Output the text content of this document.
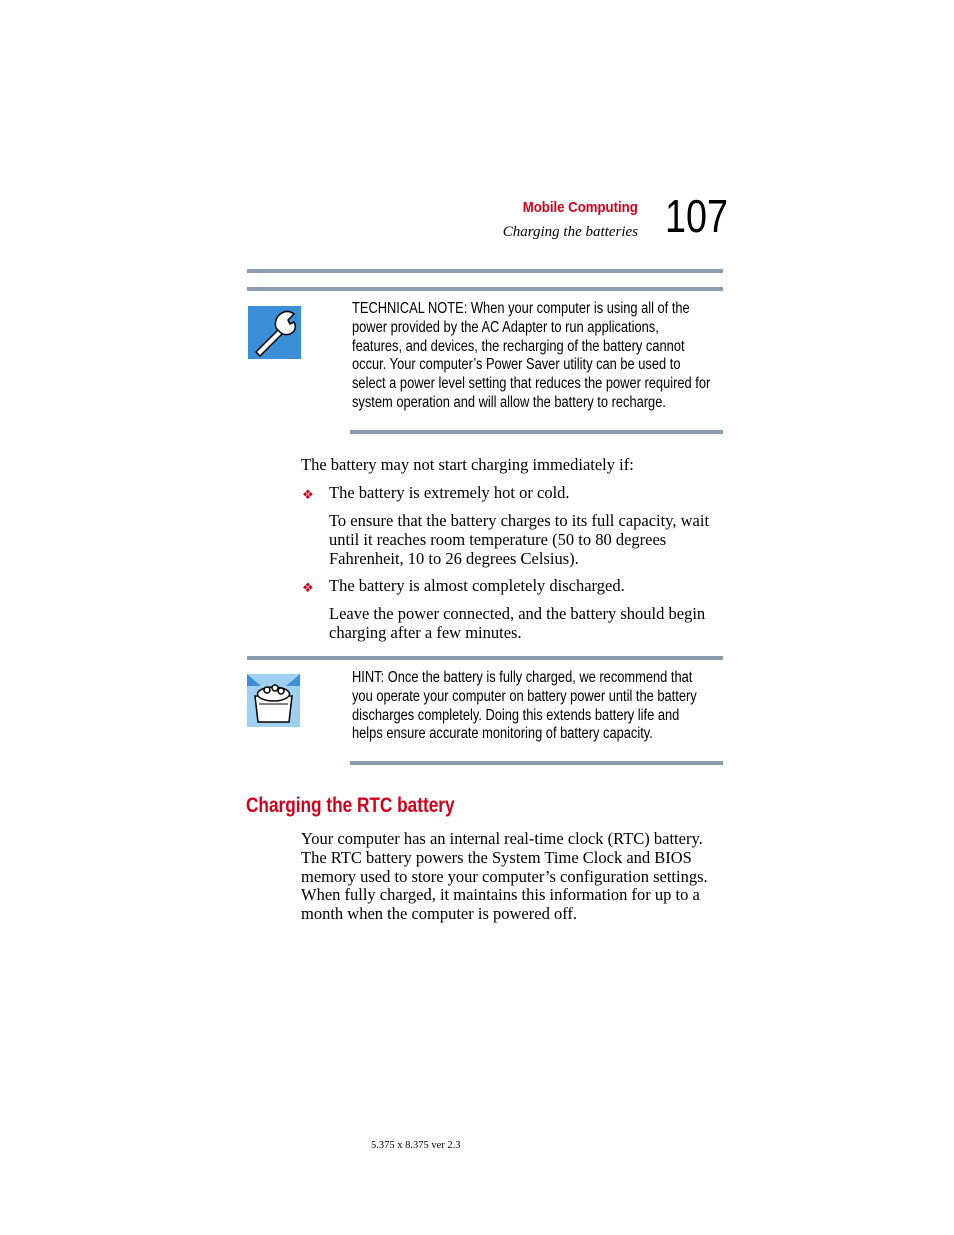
Mobile Computing
Charging the batteries 107
TECHNICAL NOTE: When your computer is using all of the
power provided by the AC Adapter to run applications,
features, and devices, the recharging of the battery cannot
occur. Your computer’s Power Saver utility can be used to
select a power level setting that reduces the power required for
system operation and will allow the battery to recharge.
The battery may not start charging immediately if:
❖ The battery is extremely hot or cold.
To ensure that the battery charges to its full capacity, wait
until it reaches room temperature (50 to 80 degrees
Fahrenheit, 10 to 26 degrees Celsius).
❖ The battery is almost completely discharged.
Leave the power connected, and the battery should begin
charging after a few minutes.
HINT: Once the battery is fully charged, we recommend that
you operate your computer on battery power until the battery
discharges completely. Doing this extends battery life and
helps ensure accurate monitoring of battery capacity.
Charging the RTC battery
Your computer has an internal real-time clock (RTC) battery.
The RTC battery powers the System Time Clock and BIOS
memory used to store your computer’s configuration settings.
When fully charged, it maintains this information for up to a
month when the computer is powered off.
5.375 x 8.375 ver 2.3
